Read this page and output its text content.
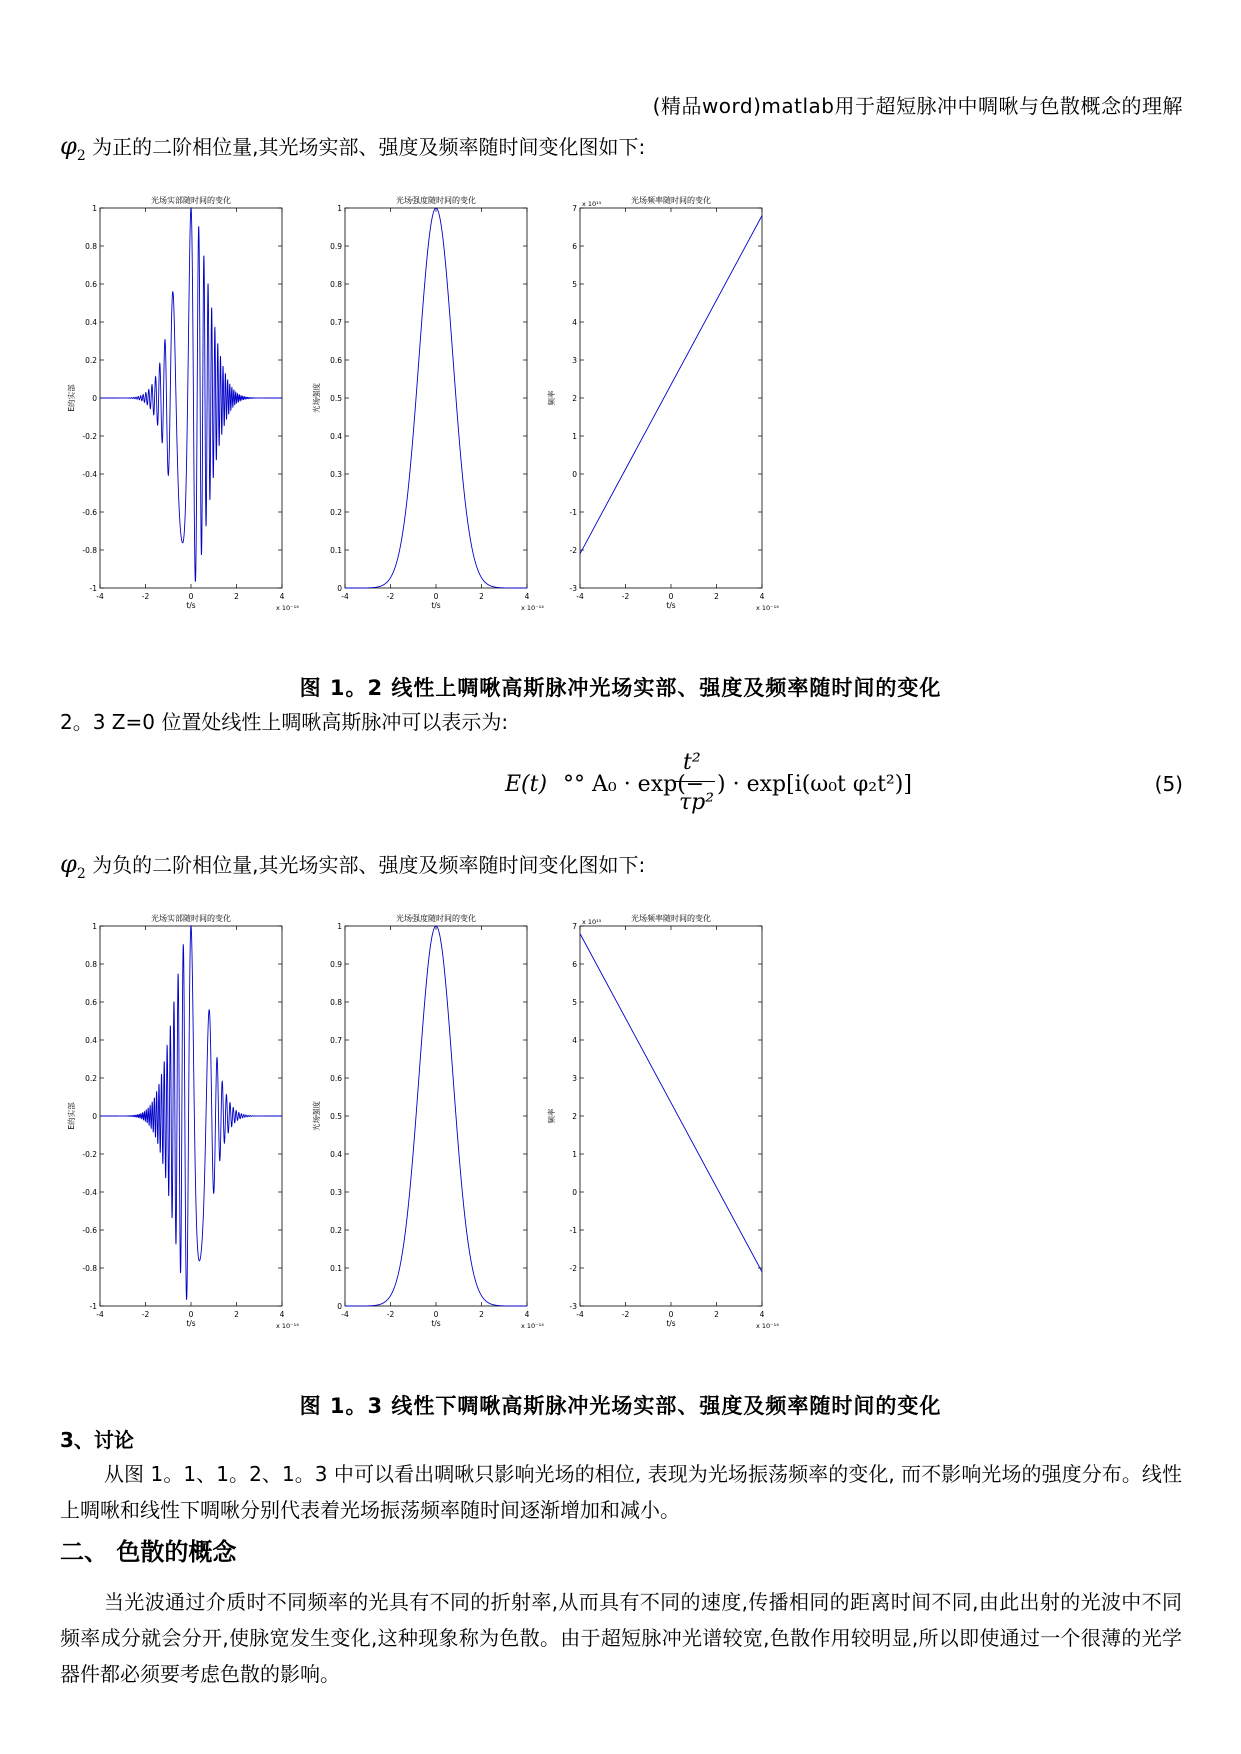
(精品word)matlab用于超短脉冲中啁啾与色散概念的理解
$\varphi_2$ 为正的二阶相位量,其光场实部、强度及频率随时间变化图如下:
光场实部随时间的变化
-1
-0.8
-0.6
-0.4
-0.2
0
0.2
0.4
0.6
0.8
1
-4	-2	0	2	4
t/s	x 10⁻¹⁴
E的实部
光场强度随时间的变化
0
0.1
0.2
0.3
0.4
0.5
0.6
0.7
0.8
0.9
1
-4	-2	0	2	4
t/s	x 10⁻¹⁴
光场强度
光场频率随时间的变化
-3
-2
-1
0
1
2
3
4
5
6
7
-4	-2	0	2	4
t/s	x 10⁻¹⁴
x 10¹⁵
频率
图 1。2 线性上啁啾高斯脉冲光场实部、强度及频率随时间的变化
2。3 Z=0 位置处线性上啁啾高斯脉冲可以表示为:
E(t) °° A₀ · exp(−
t²
τp²
) · exp[i(ω₀t φ₂t²)]	(5)
$\varphi_2$ 为负的二阶相位量,其光场实部、强度及频率随时间变化图如下:
光场实部随时间的变化
-1
-0.8
-0.6
-0.4
-0.2
0
0.2
0.4
0.6
0.8
1
-4	-2	0	2	4
t/s	x 10⁻¹⁴
E的实部
光场强度随时间的变化
0
0.1
0.2
0.3
0.4
0.5
0.6
0.7
0.8
0.9
1
-4	-2	0	2	4
t/s	x 10⁻¹⁴
光场强度
光场频率随时间的变化
-3
-2
-1
0
1
2
3
4
5
6
7
-4	-2	0	2	4
t/s	x 10⁻¹⁴
x 10¹⁵
频率
图 1。3 线性下啁啾高斯脉冲光场实部、强度及频率随时间的变化
3、讨论
从图 1。1、1。2、1。3 中可以看出啁啾只影响光场的相位, 表现为光场振荡频率的变化, 而不影响光场的强度分布。线性上啁啾和线性下啁啾分别代表着光场振荡频率随时间逐渐增加和减小。
二、 色散的概念
当光波通过介质时不同频率的光具有不同的折射率,从而具有不同的速度,传播相同的距离时间不同,由此出射的光波中不同频率成分就会分开,使脉宽发生变化,这种现象称为色散。由于超短脉冲光谱较宽,色散作用较明显,所以即使通过一个很薄的光学器件都必须要考虑色散的影响。
